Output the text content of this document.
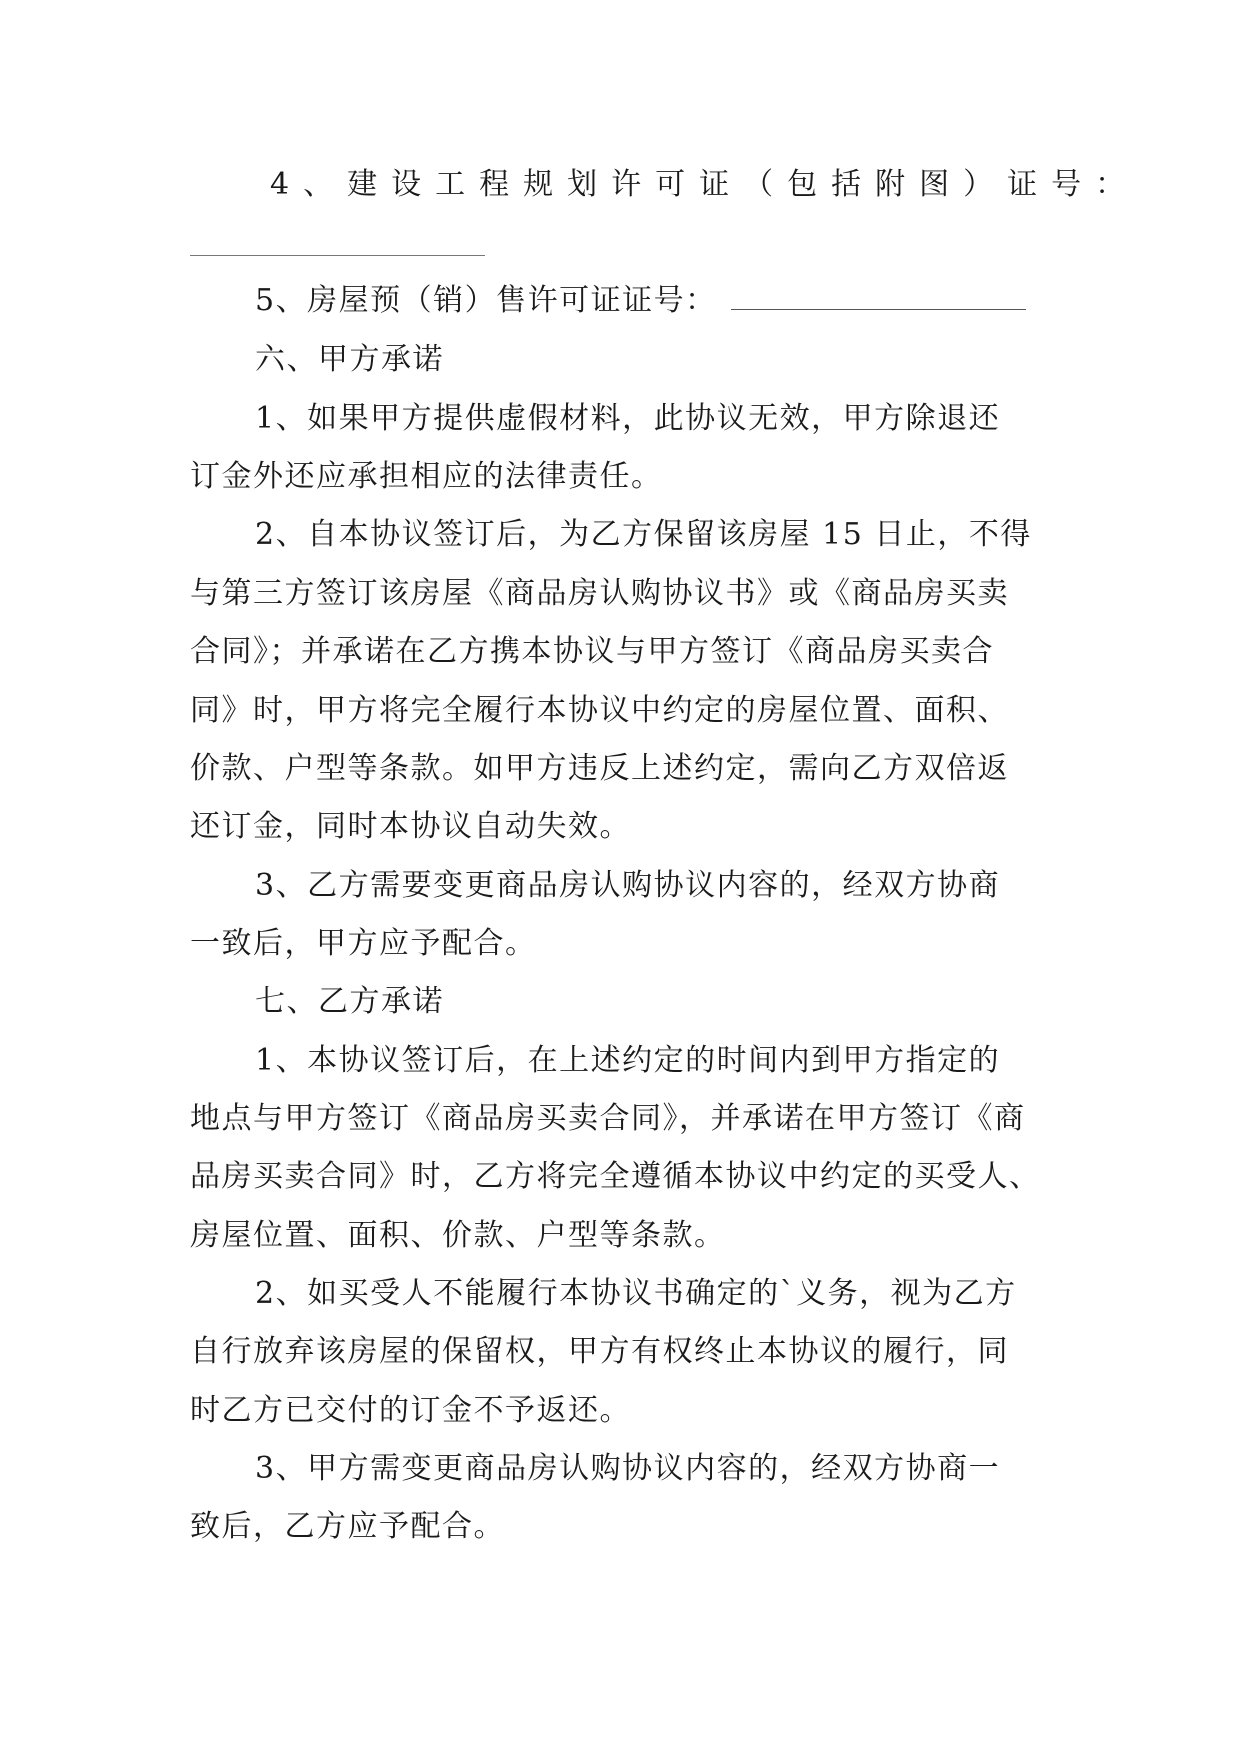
4、建设工程规划许可证（包括附图）证号：
5、房屋预（销）售许可证证号：
六、甲方承诺
1、如果甲方提供虚假材料，此协议无效，甲方除退还
订金外还应承担相应的法律责任。
2、自本协议签订后，为乙方保留该房屋 15 日止，不得
与第三方签订该房屋《商品房认购协议书》或《商品房买卖
合同》；并承诺在乙方携本协议与甲方签订《商品房买卖合
同》时，甲方将完全履行本协议中约定的房屋位置、面积、
价款、户型等条款。如甲方违反上述约定，需向乙方双倍返
还订金，同时本协议自动失效。
3、乙方需要变更商品房认购协议内容的，经双方协商
一致后，甲方应予配合。
七、乙方承诺
1、本协议签订后，在上述约定的时间内到甲方指定的
地点与甲方签订《商品房买卖合同》，并承诺在甲方签订《商
品房买卖合同》时，乙方将完全遵循本协议中约定的买受人、
房屋位置、面积、价款、户型等条款。
2、如买受人不能履行本协议书确定的`义务，视为乙方
自行放弃该房屋的保留权，甲方有权终止本协议的履行，同
时乙方已交付的订金不予返还。
3、甲方需变更商品房认购协议内容的，经双方协商一
致后，乙方应予配合。
